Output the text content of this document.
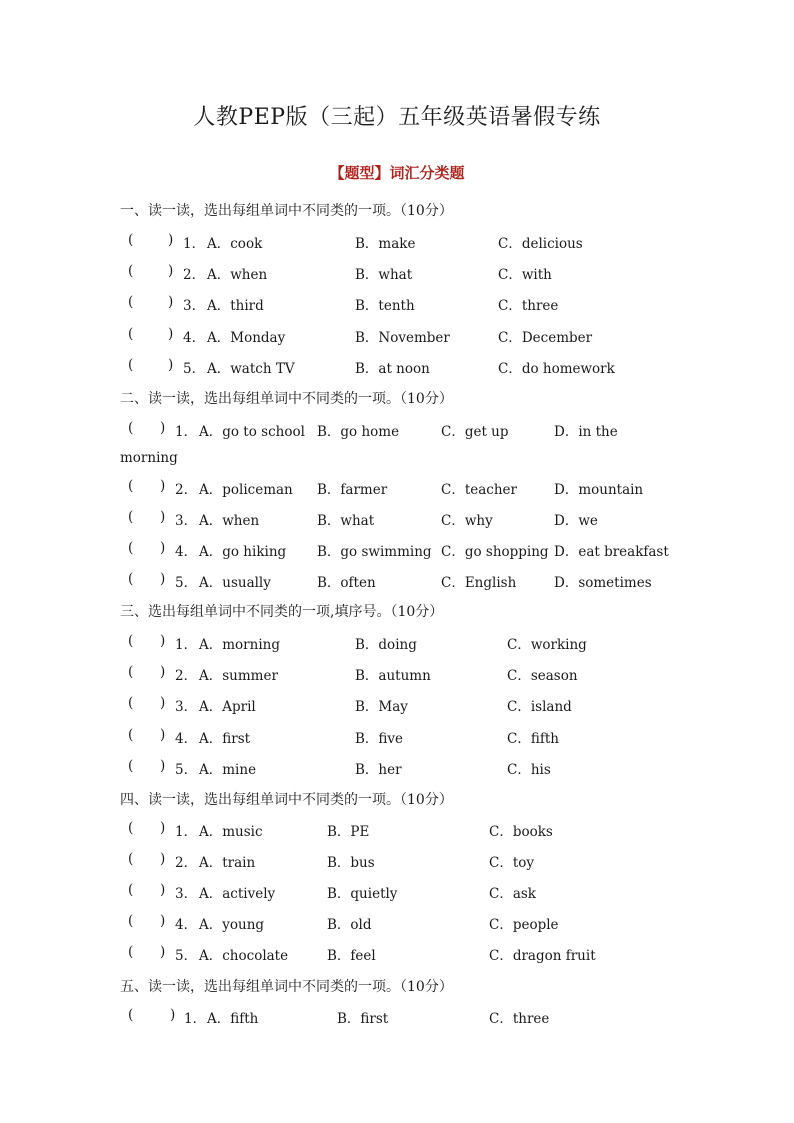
人教PEP版（三起）五年级英语暑假专练
【题型】词汇分类题
一、读一读，选出每组单词中不同类的一项。（10分）
(	) 1． A．cook	B．make	C．delicious
(	) 2． A．when	B．what	C．with
(	) 3． A．third	B．tenth	C．three
(	) 4． A．Monday	B．November	C．December
(	) 5． A．watch TV	B．at noon	C．do homework
二、读一读，选出每组单词中不同类的一项。（10分）
( ) 1． A．go to school B．go home	C．get up	D．in the
morning
( ) 2． A．policeman B．farmer	C．teacher	D．mountain
( ) 3． A．when	B．what	C．why	D．we
( ) 4． A．go hiking B．go swimming C．go shopping D．eat breakfast
( ) 5． A．usually	B．often	C．English	D．sometimes
三、选出每组单词中不同类的一项,填序号。（10分）
( ) 1． A．morning	B．doing	C．working
( ) 2． A．summer	B．autumn	C．season
( ) 3． A．April	B．May	C．island
( ) 4． A．first	B．five	C．fifth
( ) 5． A．mine	B．her	C．his
四、读一读，选出每组单词中不同类的一项。（10分）
( ) 1． A．music	B．PE	C．books
( ) 2． A．train	B．bus	C．toy
( ) 3． A．actively	B．quietly	C．ask
( ) 4． A．young	B．old	C．people
( ) 5． A．chocolate	B．feel	C．dragon fruit
五、读一读，选出每组单词中不同类的一项。（10分）
(	) 1． A．fifth	B．first	C．three
